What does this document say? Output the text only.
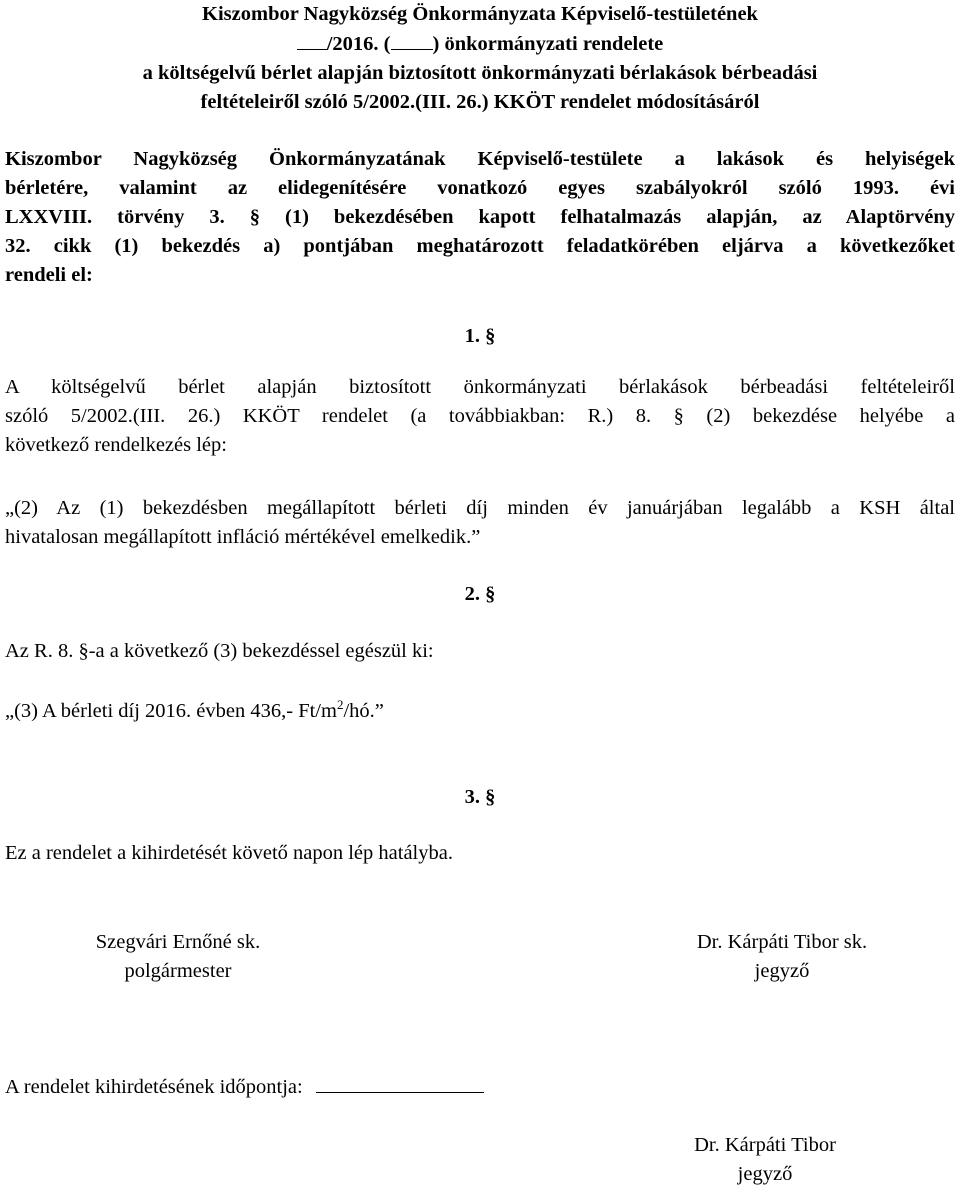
Kiszombor Nagyközség Önkormányzata Képviselő-testületének
/2016. ( ) önkormányzati rendelete
a költségelvű bérlet alapján biztosított önkormányzati bérlakások bérbeadási
feltételeiről szóló 5/2002.(III. 26.) KKÖT rendelet módosításáról
Kiszombor Nagyközség Önkormányzatának Képviselő-testülete a lakások és helyiségek
bérletére, valamint az elidegenítésére vonatkozó egyes szabályokról szóló 1993. évi
LXXVIII. törvény 3. § (1) bekezdésében kapott felhatalmazás alapján, az Alaptörvény
32. cikk (1) bekezdés a) pontjában meghatározott feladatkörében eljárva a következőket
rendeli el:
1. §
A költségelvű bérlet alapján biztosított önkormányzati bérlakások bérbeadási feltételeiről
szóló 5/2002.(III. 26.) KKÖT rendelet (a továbbiakban: R.) 8. § (2) bekezdése helyébe a
következő rendelkezés lép:
„(2) Az (1) bekezdésben megállapított bérleti díj minden év januárjában legalább a KSH által
hivatalosan megállapított infláció mértékével emelkedik.”
2. §
Az R. 8. §-a a következő (3) bekezdéssel egészül ki:
„(3) A bérleti díj 2016. évben 436,- $Ft/m^2/hó$.”
3. §
Ez a rendelet a kihirdetését követő napon lép hatályba.
Szegvári Ernőné sk.
polgármester
Dr. Kárpáti Tibor sk.
jegyző
A rendelet kihirdetésének időpontja:
Dr. Kárpáti Tibor
jegyző
